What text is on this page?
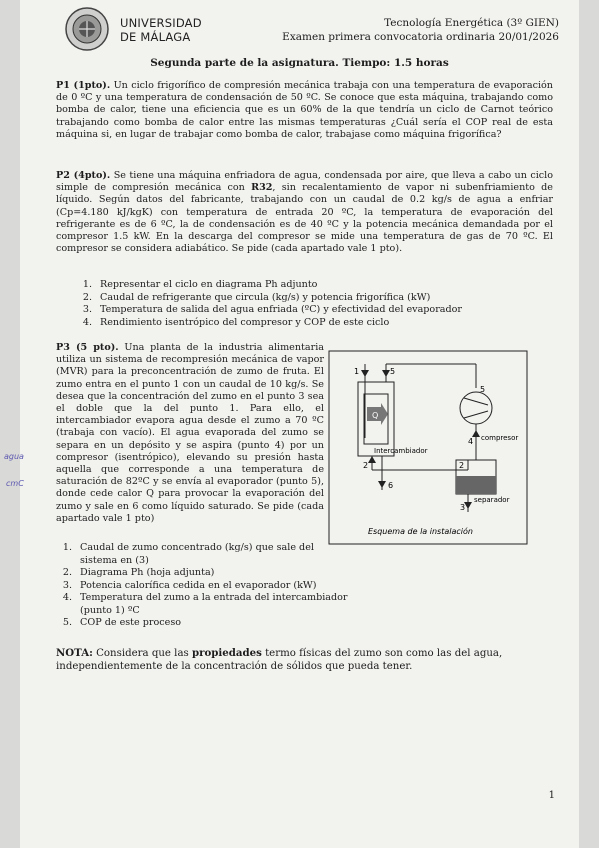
UNIVERSIDAD
DE MÁLAGA
Tecnología Energética (3º GIEN)
Examen primera convocatoria ordinaria 20/01/2026
Segunda parte de la asignatura. Tiempo: 1.5 horas
P1 (1pto). Un ciclo frigorífico de compresión mecánica trabaja con una temperatura de evaporación de 0 ºC y una temperatura de condensación de 50 ºC. Se conoce que esta máquina, trabajando como bomba de calor, tiene una eficiencia que es un 60% de la que tendría un ciclo de Carnot teórico trabajando como bomba de calor entre las mismas temperaturas ¿Cuál sería el COP real de esta máquina si, en lugar de trabajar como bomba de calor, trabajase como máquina frigorífica?
P2 (4pto). Se tiene una máquina enfriadora de agua, condensada por aire, que lleva a cabo un ciclo simple de compresión mecánica con R32, sin recalentamiento de vapor ni subenfriamiento de líquido. Según datos del fabricante, trabajando con un caudal de 0.2 kg/s de agua a enfriar (Cp=4.180 kJ/kgK) con temperatura de entrada 20 ºC, la temperatura de evaporación del refrigerante es de 6 ºC, la de condensación es de 40 ºC y la potencia mecánica demandada por el compresor 1.5 kW. En la descarga del compresor se mide una temperatura de gas de 70 ºC. El compresor se considera adiabático. Se pide (cada apartado vale 1 pto).
1. Representar el ciclo en diagrama Ph adjunto
2. Caudal de refrigerante que circula (kg/s) y potencia frigorífica (kW)
3. Temperatura de salida del agua enfriada (ºC) y efectividad del evaporador
4. Rendimiento isentrópico del compresor y COP de este ciclo
P3 (5 pto). Una planta de la industria alimentaria utiliza un sistema de recompresión mecánica de vapor (MVR) para la preconcentración de zumo de fruta. El zumo entra en el punto 1 con un caudal de 10 kg/s. Se desea que la concentración del zumo en el punto 3 sea el doble que la del punto 1. Para ello, el intercambiador evapora agua desde el zumo a 70 ºC (trabaja con vacío). El agua evaporada del zumo se separa en un depósito y se aspira (punto 4) por un compresor (isentrópico), elevando su presión hasta aquella que corresponde a una temperatura de saturación de 82ºC y se envía al evaporador (punto 5), donde cede calor Q para provocar la evaporación del zumo y sale en 6 como líquido saturado. Se pide (cada apartado vale 1 pto)
agua
cmC
Q
1	5
5
4
2	2
6
3
Intercambiador
compresor
separador
Esquema de la instalación
1. Caudal de zumo concentrado (kg/s) que sale del sistema en (3)
2. Diagrama Ph (hoja adjunta)
3. Potencia calorífica cedida en el evaporador (kW)
4. Temperatura del zumo a la entrada del intercambiador (punto 1) ºC
5. COP de este proceso
NOTA: Considera que las propiedades termo físicas del zumo son como las del agua, independientemente de la concentración de sólidos que pueda tener.
1
